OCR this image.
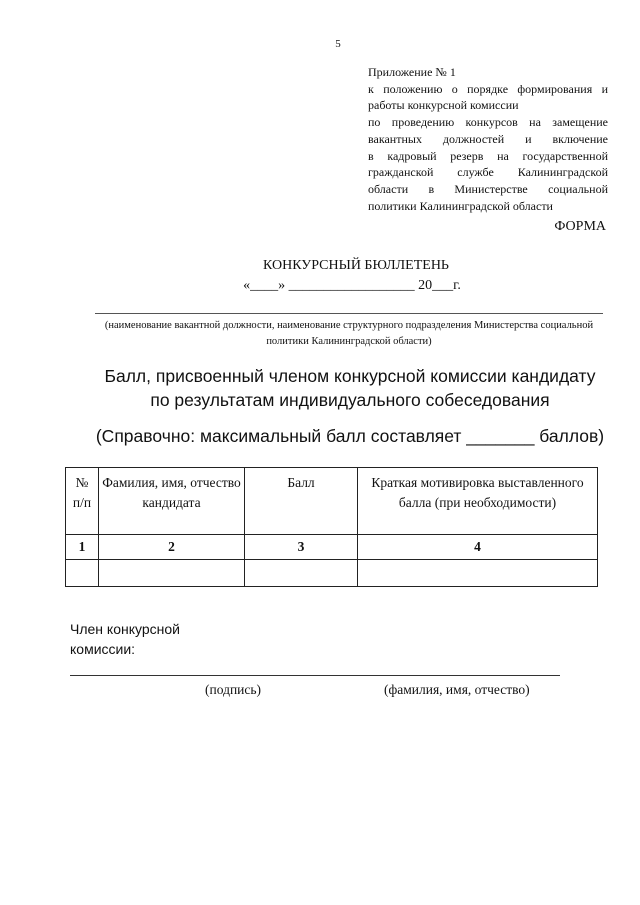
5
Приложение № 1
к положению о порядке формирования и
работы конкурсной комиссии
по проведению конкурсов на замещение
вакантных должностей и включение
в кадровый резерв на государственной
гражданской службе Калининградской
области в Министерстве социальной
политики Калининградской области
ФОРМА
КОНКУРСНЫЙ БЮЛЛЕТЕНЬ
«____» __________________ 20___г.
(наименование вакантной должности, наименование структурного подразделения Министерства социальной политики Калининградской области)
Балл, присвоенный членом конкурсной комиссии кандидату
по результатам индивидуального собеседования
(Справочно: максимальный балл составляет _______ баллов)
№ п/п	Фамилия, имя, отчество кандидата	Балл	Краткая мотивировка выставленного балла (при необходимости)
1	2	3	4

Член конкурсной комиссии:
(подпись)	(фамилия, имя, отчество)
